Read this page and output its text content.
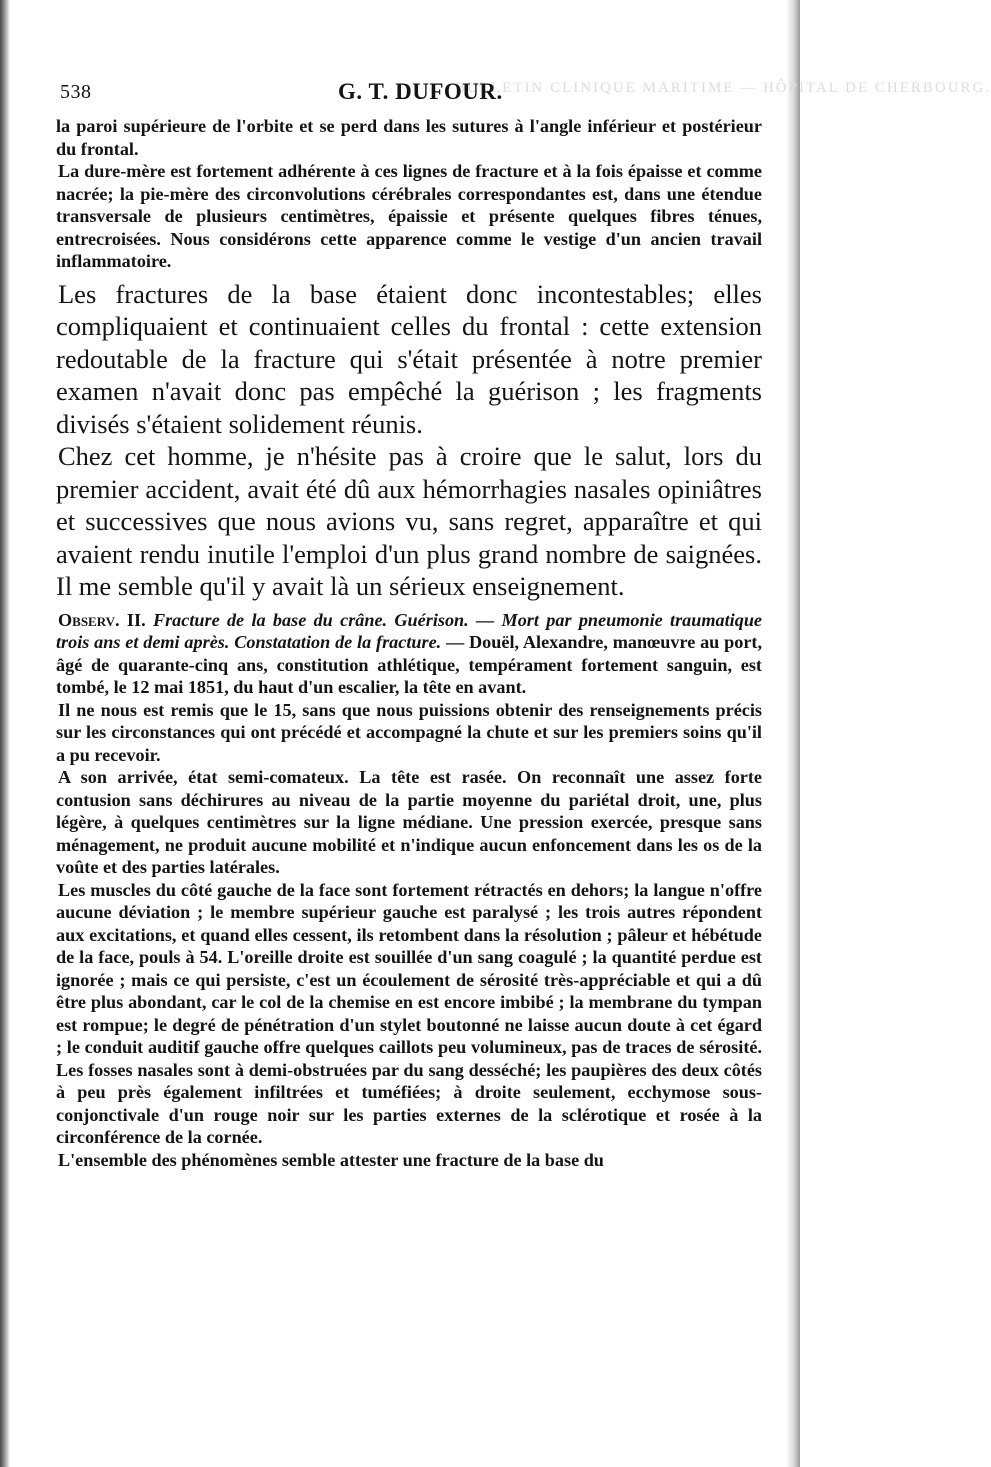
BULLETIN CLINIQUE MARITIME — HÔPITAL DE CHERBOURG.
538	G. T. DUFOUR.

la paroi supérieure de l'orbite et se perd dans les sutures à l'angle inférieur et postérieur du frontal.

La dure-mère est fortement adhérente à ces lignes de fracture et à la fois épaisse et comme nacrée; la pie-mère des circonvolutions cérébrales correspondantes est, dans une étendue transversale de plusieurs centimètres, épaissie et présente quelques fibres ténues, entrecroisées. Nous considérons cette apparence comme le vestige d'un ancien travail inflammatoire.

Les fractures de la base étaient donc incontestables; elles compliquaient et continuaient celles du frontal : cette extension redoutable de la fracture qui s'était présentée à notre premier examen n'avait donc pas empêché la guérison ; les fragments divisés s'étaient solidement réunis.

Chez cet homme, je n'hésite pas à croire que le salut, lors du premier accident, avait été dû aux hémorrhagies nasales opiniâtres et successives que nous avions vu, sans regret, apparaître et qui avaient rendu inutile l'emploi d'un plus grand nombre de saignées. Il me semble qu'il y avait là un sérieux enseignement.

Observ. II. Fracture de la base du crâne. Guérison. — Mort par pneumonie traumatique trois ans et demi après. Constatation de la fracture. — Douël, Alexandre, manœuvre au port, âgé de quarante-cinq ans, constitution athlétique, tempérament fortement sanguin, est tombé, le 12 mai 1851, du haut d'un escalier, la tête en avant.

Il ne nous est remis que le 15, sans que nous puissions obtenir des renseignements précis sur les circonstances qui ont précédé et accompagné la chute et sur les premiers soins qu'il a pu recevoir.

A son arrivée, état semi-comateux. La tête est rasée. On reconnaît une assez forte contusion sans déchirures au niveau de la partie moyenne du pariétal droit, une, plus légère, à quelques centimètres sur la ligne médiane. Une pression exercée, presque sans ménagement, ne produit aucune mobilité et n'indique aucun enfoncement dans les os de la voûte et des parties latérales.

Les muscles du côté gauche de la face sont fortement rétractés en dehors; la langue n'offre aucune déviation ; le membre supérieur gauche est paralysé ; les trois autres répondent aux excitations, et quand elles cessent, ils retombent dans la résolution ; pâleur et hébétude de la face, pouls à 54. L'oreille droite est souillée d'un sang coagulé ; la quantité perdue est ignorée ; mais ce qui persiste, c'est un écoulement de sérosité très-appréciable et qui a dû être plus abondant, car le col de la chemise en est encore imbibé ; la membrane du tympan est rompue; le degré de pénétration d'un stylet boutonné ne laisse aucun doute à cet égard ; le conduit auditif gauche offre quelques caillots peu volumineux, pas de traces de sérosité. Les fosses nasales sont à demi-obstruées par du sang desséché; les paupières des deux côtés à peu près également infiltrées et tuméfiées; à droite seulement, ecchymose sous-conjonctivale d'un rouge noir sur les parties externes de la sclérotique et rosée à la circonférence de la cornée.

L'ensemble des phénomènes semble attester une fracture de la base du
